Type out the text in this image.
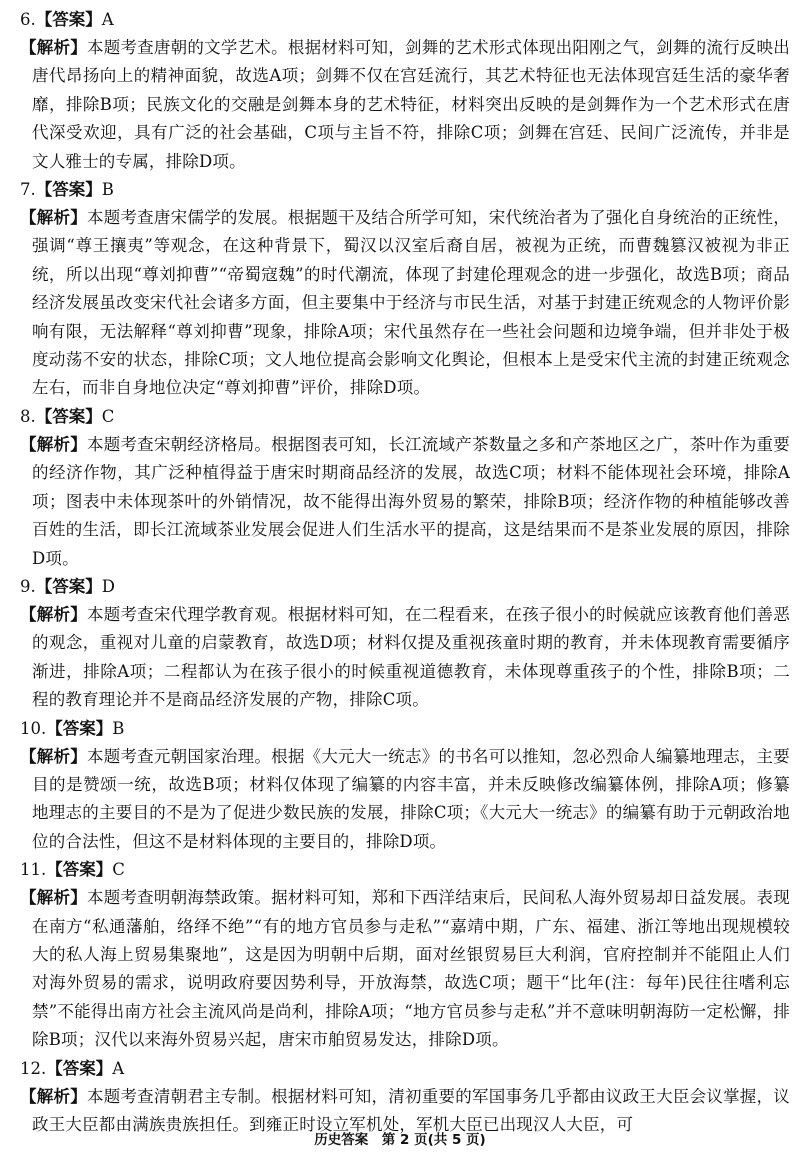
6.【答案】A

【解析】本题考查唐朝的文学艺术。根据材料可知，剑舞的艺术形式体现出阳刚之气，剑舞的流行反映出唐代昂扬向上的精神面貌，故选A项；剑舞不仅在宫廷流行，其艺术特征也无法体现宫廷生活的豪华奢靡，排除B项；民族文化的交融是剑舞本身的艺术特征，材料突出反映的是剑舞作为一个艺术形式在唐代深受欢迎，具有广泛的社会基础，C项与主旨不符，排除C项；剑舞在宫廷、民间广泛流传，并非是文人雅士的专属，排除D项。

7.【答案】B

【解析】本题考查唐宋儒学的发展。根据题干及结合所学可知，宋代统治者为了强化自身统治的正统性，强调“尊王攘夷”等观念，在这种背景下，蜀汉以汉室后裔自居，被视为正统，而曹魏篡汉被视为非正统，所以出现“尊刘抑曹”“帝蜀寇魏”的时代潮流，体现了封建伦理观念的进一步强化，故选B项；商品经济发展虽改变宋代社会诸多方面，但主要集中于经济与市民生活，对基于封建正统观念的人物评价影响有限，无法解释“尊刘抑曹”现象，排除A项；宋代虽然存在一些社会问题和边境争端，但并非处于极度动荡不安的状态，排除C项；文人地位提高会影响文化舆论，但根本上是受宋代主流的封建正统观念左右，而非自身地位决定“尊刘抑曹”评价，排除D项。

8.【答案】C

【解析】本题考查宋朝经济格局。根据图表可知，长江流域产茶数量之多和产茶地区之广，茶叶作为重要的经济作物，其广泛种植得益于唐宋时期商品经济的发展，故选C项；材料不能体现社会环境，排除A项；图表中未体现茶叶的外销情况，故不能得出海外贸易的繁荣，排除B项；经济作物的种植能够改善百姓的生活，即长江流域茶业发展会促进人们生活水平的提高，这是结果而不是茶业发展的原因，排除D项。

9.【答案】D

【解析】本题考查宋代理学教育观。根据材料可知，在二程看来，在孩子很小的时候就应该教育他们善恶的观念，重视对儿童的启蒙教育，故选D项；材料仅提及重视孩童时期的教育，并未体现教育需要循序渐进，排除A项；二程都认为在孩子很小的时候重视道德教育，未体现尊重孩子的个性，排除B项；二程的教育理论并不是商品经济发展的产物，排除C项。

10.【答案】B

【解析】本题考查元朝国家治理。根据《大元大一统志》的书名可以推知，忽必烈命人编纂地理志，主要目的是赞颂一统，故选B项；材料仅体现了编纂的内容丰富，并未反映修改编纂体例，排除A项；修纂地理志的主要目的不是为了促进少数民族的发展，排除C项；《大元大一统志》的编纂有助于元朝政治地位的合法性，但这不是材料体现的主要目的，排除D项。

11.【答案】C

【解析】本题考查明朝海禁政策。据材料可知，郑和下西洋结束后，民间私人海外贸易却日益发展。表现在南方“私通藩舶，络绎不绝”“有的地方官员参与走私”“嘉靖中期，广东、福建、浙江等地出现规模较大的私人海上贸易集聚地”，这是因为明朝中后期，面对丝银贸易巨大利润，官府控制并不能阻止人们对海外贸易的需求，说明政府要因势利导，开放海禁，故选C项；题干“比年(注：每年)民往往嗜利忘禁”不能得出南方社会主流风尚是尚利，排除A项；“地方官员参与走私”并不意味明朝海防一定松懈，排除B项；汉代以来海外贸易兴起，唐宋市舶贸易发达，排除D项。

12.【答案】A

【解析】本题考查清朝君主专制。根据材料可知，清初重要的军国事务几乎都由议政王大臣会议掌握，议政王大臣都由满族贵族担任。到雍正时设立军机处，军机大臣已出现汉人大臣，可

历史答案　第 2 页(共 5 页)
